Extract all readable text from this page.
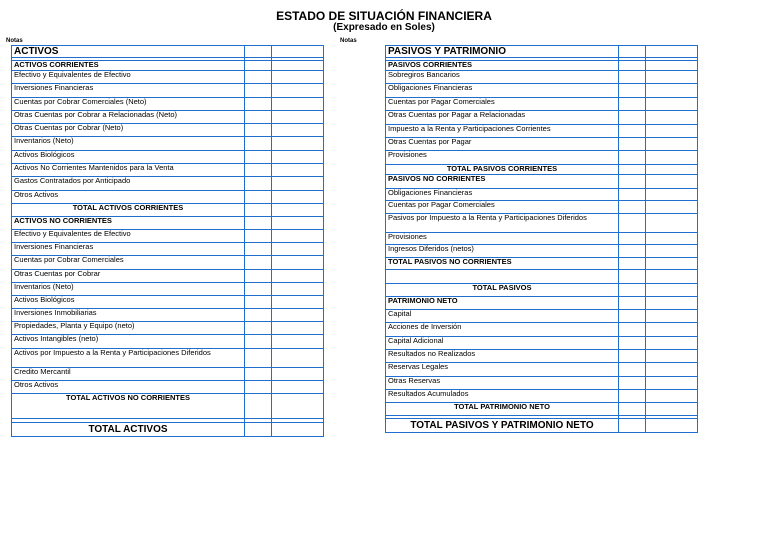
ESTADO DE SITUACIÓN FINANCIERA
(Expresado en Soles)
Notas	Notas
ACTIVOS		

ACTIVOS CORRIENTES		
Efectivo y Equivalentes de Efectivo		
Inversiones Financieras		
Cuentas por Cobrar Comerciales (Neto)		
Otras Cuentas por Cobrar a Relacionadas (Neto)		
Otras Cuentas por Cobrar (Neto)		
Inventarios (Neto)		
Activos Biológicos		
Activos No Corrientes Mantenidos para la Venta		
Gastos Contratados por Anticipado		
Otros Activos		
TOTAL ACTIVOS CORRIENTES		
ACTIVOS NO CORRIENTES		
Efectivo y Equivalentes de Efectivo		
Inversiones Financieras		
Cuentas por Cobrar Comerciales		
Otras Cuentas por Cobrar		
Inventarios (Neto)		
Activos Biológicos		
Inversiones Inmobiliarias		
Propiedades, Planta y Equipo (neto)		
Activos Intangibles (neto)		
Activos por Impuesto a la Renta y Participaciones Diferidos		
Credito Mercantil		
Otros Activos		
TOTAL ACTIVOS NO CORRIENTES		

TOTAL ACTIVOS		
PASIVOS Y PATRIMONIO		

PASIVOS CORRIENTES		
Sobregiros Bancarios		
Obligaciones Financieras		
Cuentas por Pagar Comerciales		
Otras Cuentas por Pagar a Relacionadas		
Impuesto a la Renta y Participaciones Corrientes		
Otras Cuentas por Pagar		
Provisiones		
TOTAL PASIVOS CORRIENTES		
PASIVOS NO CORRIENTES		
Obligaciones Financieras		
Cuentas por Pagar Comerciales		
Pasivos por Impuesto a la Renta y Participaciones Diferidos		
Provisiones		
Ingresos Diferidos (netos)		
TOTAL PASIVOS NO CORRIENTES		

TOTAL PASIVOS		
PATRIMONIO NETO		
Capital		
Acciones de Inversión		
Capital Adicional		
Resultados no Realizados		
Reservas Legales		
Otras Reservas		
Resultados Acumulados		
TOTAL PATRIMONIO NETO		

TOTAL PASIVOS Y PATRIMONIO NETO		
